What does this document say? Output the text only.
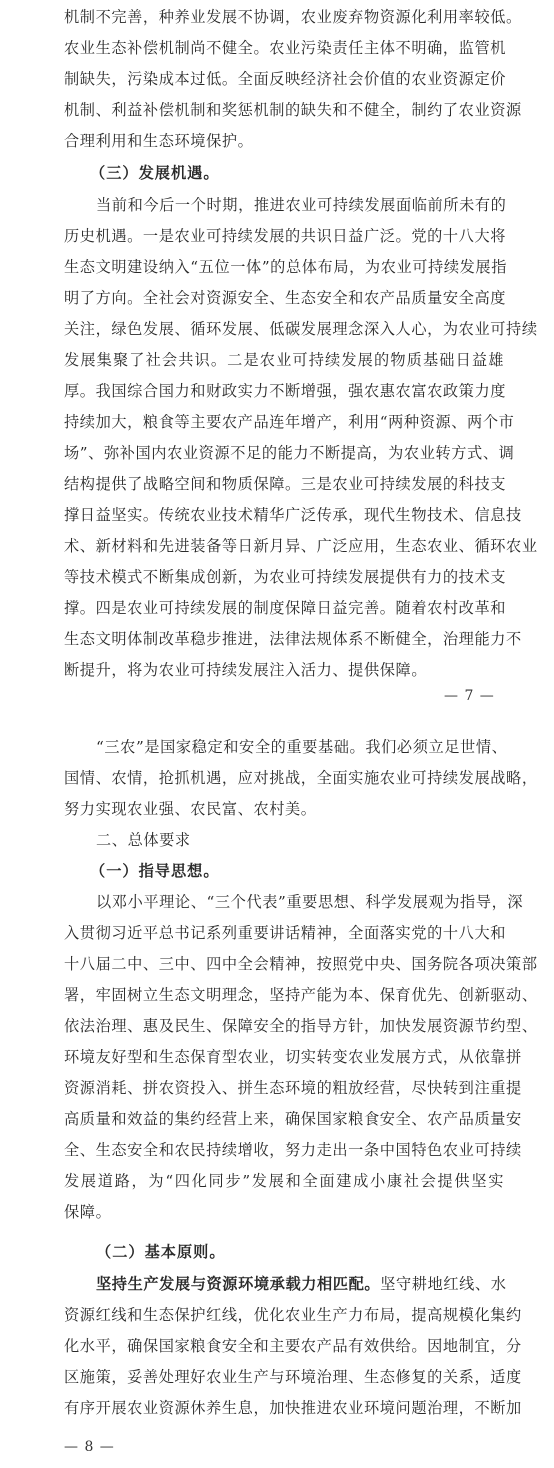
机制不完善，种养业发展不协调，农业废弃物资源化利用率较低。
农业生态补偿机制尚不健全。农业污染责任主体不明确，监管机
制缺失，污染成本过低。全面反映经济社会价值的农业资源定价
机制、利益补偿机制和奖惩机制的缺失和不健全，制约了农业资源
合理利用和生态环境保护。
（三）发展机遇。
当前和今后一个时期，推进农业可持续发展面临前所未有的
历史机遇。一是农业可持续发展的共识日益广泛。党的十八大将
生态文明建设纳入“五位一体”的总体布局，为农业可持续发展指
明了方向。全社会对资源安全、生态安全和农产品质量安全高度
关注，绿色发展、循环发展、低碳发展理念深入人心，为农业可持续
发展集聚了社会共识。二是农业可持续发展的物质基础日益雄
厚。我国综合国力和财政实力不断增强，强农惠农富农政策力度
持续加大，粮食等主要农产品连年增产，利用“两种资源、两个市
场”、弥补国内农业资源不足的能力不断提高，为农业转方式、调
结构提供了战略空间和物质保障。三是农业可持续发展的科技支
撑日益坚实。传统农业技术精华广泛传承，现代生物技术、信息技
术、新材料和先进装备等日新月异、广泛应用，生态农业、循环农业
等技术模式不断集成创新，为农业可持续发展提供有力的技术支
撑。四是农业可持续发展的制度保障日益完善。随着农村改革和
生态文明体制改革稳步推进，法律法规体系不断健全，治理能力不
断提升，将为农业可持续发展注入活力、提供保障。
— 7 —
“三农”是国家稳定和安全的重要基础。我们必须立足世情、
国情、农情，抢抓机遇，应对挑战，全面实施农业可持续发展战略，
努力实现农业强、农民富、农村美。
二、总体要求
（一）指导思想。
以邓小平理论、“三个代表”重要思想、科学发展观为指导，深
入贯彻习近平总书记系列重要讲话精神，全面落实党的十八大和
十八届二中、三中、四中全会精神，按照党中央、国务院各项决策部
署，牢固树立生态文明理念，坚持产能为本、保育优先、创新驱动、
依法治理、惠及民生、保障安全的指导方针，加快发展资源节约型、
环境友好型和生态保育型农业，切实转变农业发展方式，从依靠拼
资源消耗、拼农资投入、拼生态环境的粗放经营，尽快转到注重提
高质量和效益的集约经营上来，确保国家粮食安全、农产品质量安
全、生态安全和农民持续增收，努力走出一条中国特色农业可持续
发展道路，为“四化同步”发展和全面建成小康社会提供坚实
保障。
（二）基本原则。
坚持生产发展与资源环境承载力相匹配。坚守耕地红线、水
资源红线和生态保护红线，优化农业生产力布局，提高规模化集约
化水平，确保国家粮食安全和主要农产品有效供给。因地制宜，分
区施策，妥善处理好农业生产与环境治理、生态修复的关系，适度
有序开展农业资源休养生息，加快推进农业环境问题治理，不断加
— 8 —
